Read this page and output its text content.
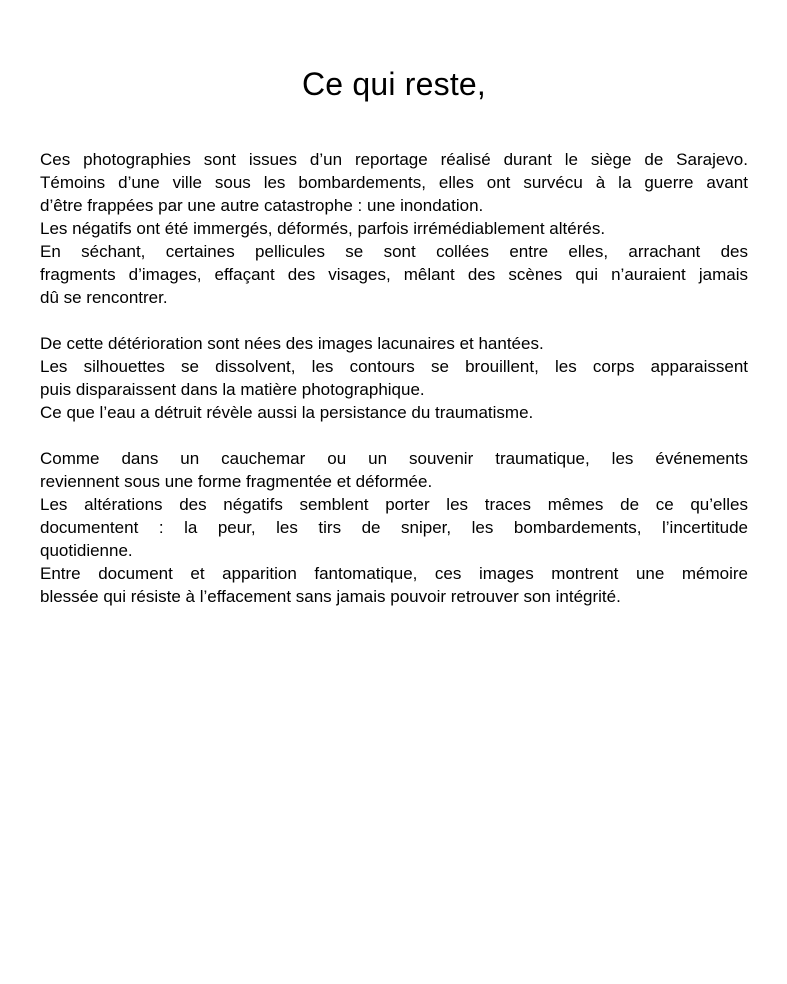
Ce qui reste,

Ces photographies sont issues d’un reportage réalisé durant le siège de Sarajevo.
Témoins d’une ville sous les bombardements, elles ont survécu à la guerre avant
d’être frappées par une autre catastrophe : une inondation.
Les négatifs ont été immergés, déformés, parfois irrémédiablement altérés.
En séchant, certaines pellicules se sont collées entre elles, arrachant des
fragments d’images, effaçant des visages, mêlant des scènes qui n’auraient jamais
dû se rencontrer.

De cette détérioration sont nées des images lacunaires et hantées.
Les silhouettes se dissolvent, les contours se brouillent, les corps apparaissent
puis disparaissent dans la matière photographique.
Ce que l’eau a détruit révèle aussi la persistance du traumatisme.

Comme dans un cauchemar ou un souvenir traumatique, les événements
reviennent sous une forme fragmentée et déformée.
Les altérations des négatifs semblent porter les traces mêmes de ce qu’elles
documentent : la peur, les tirs de sniper, les bombardements, l’incertitude
quotidienne.
Entre document et apparition fantomatique, ces images montrent une mémoire
blessée qui résiste à l’effacement sans jamais pouvoir retrouver son intégrité.
